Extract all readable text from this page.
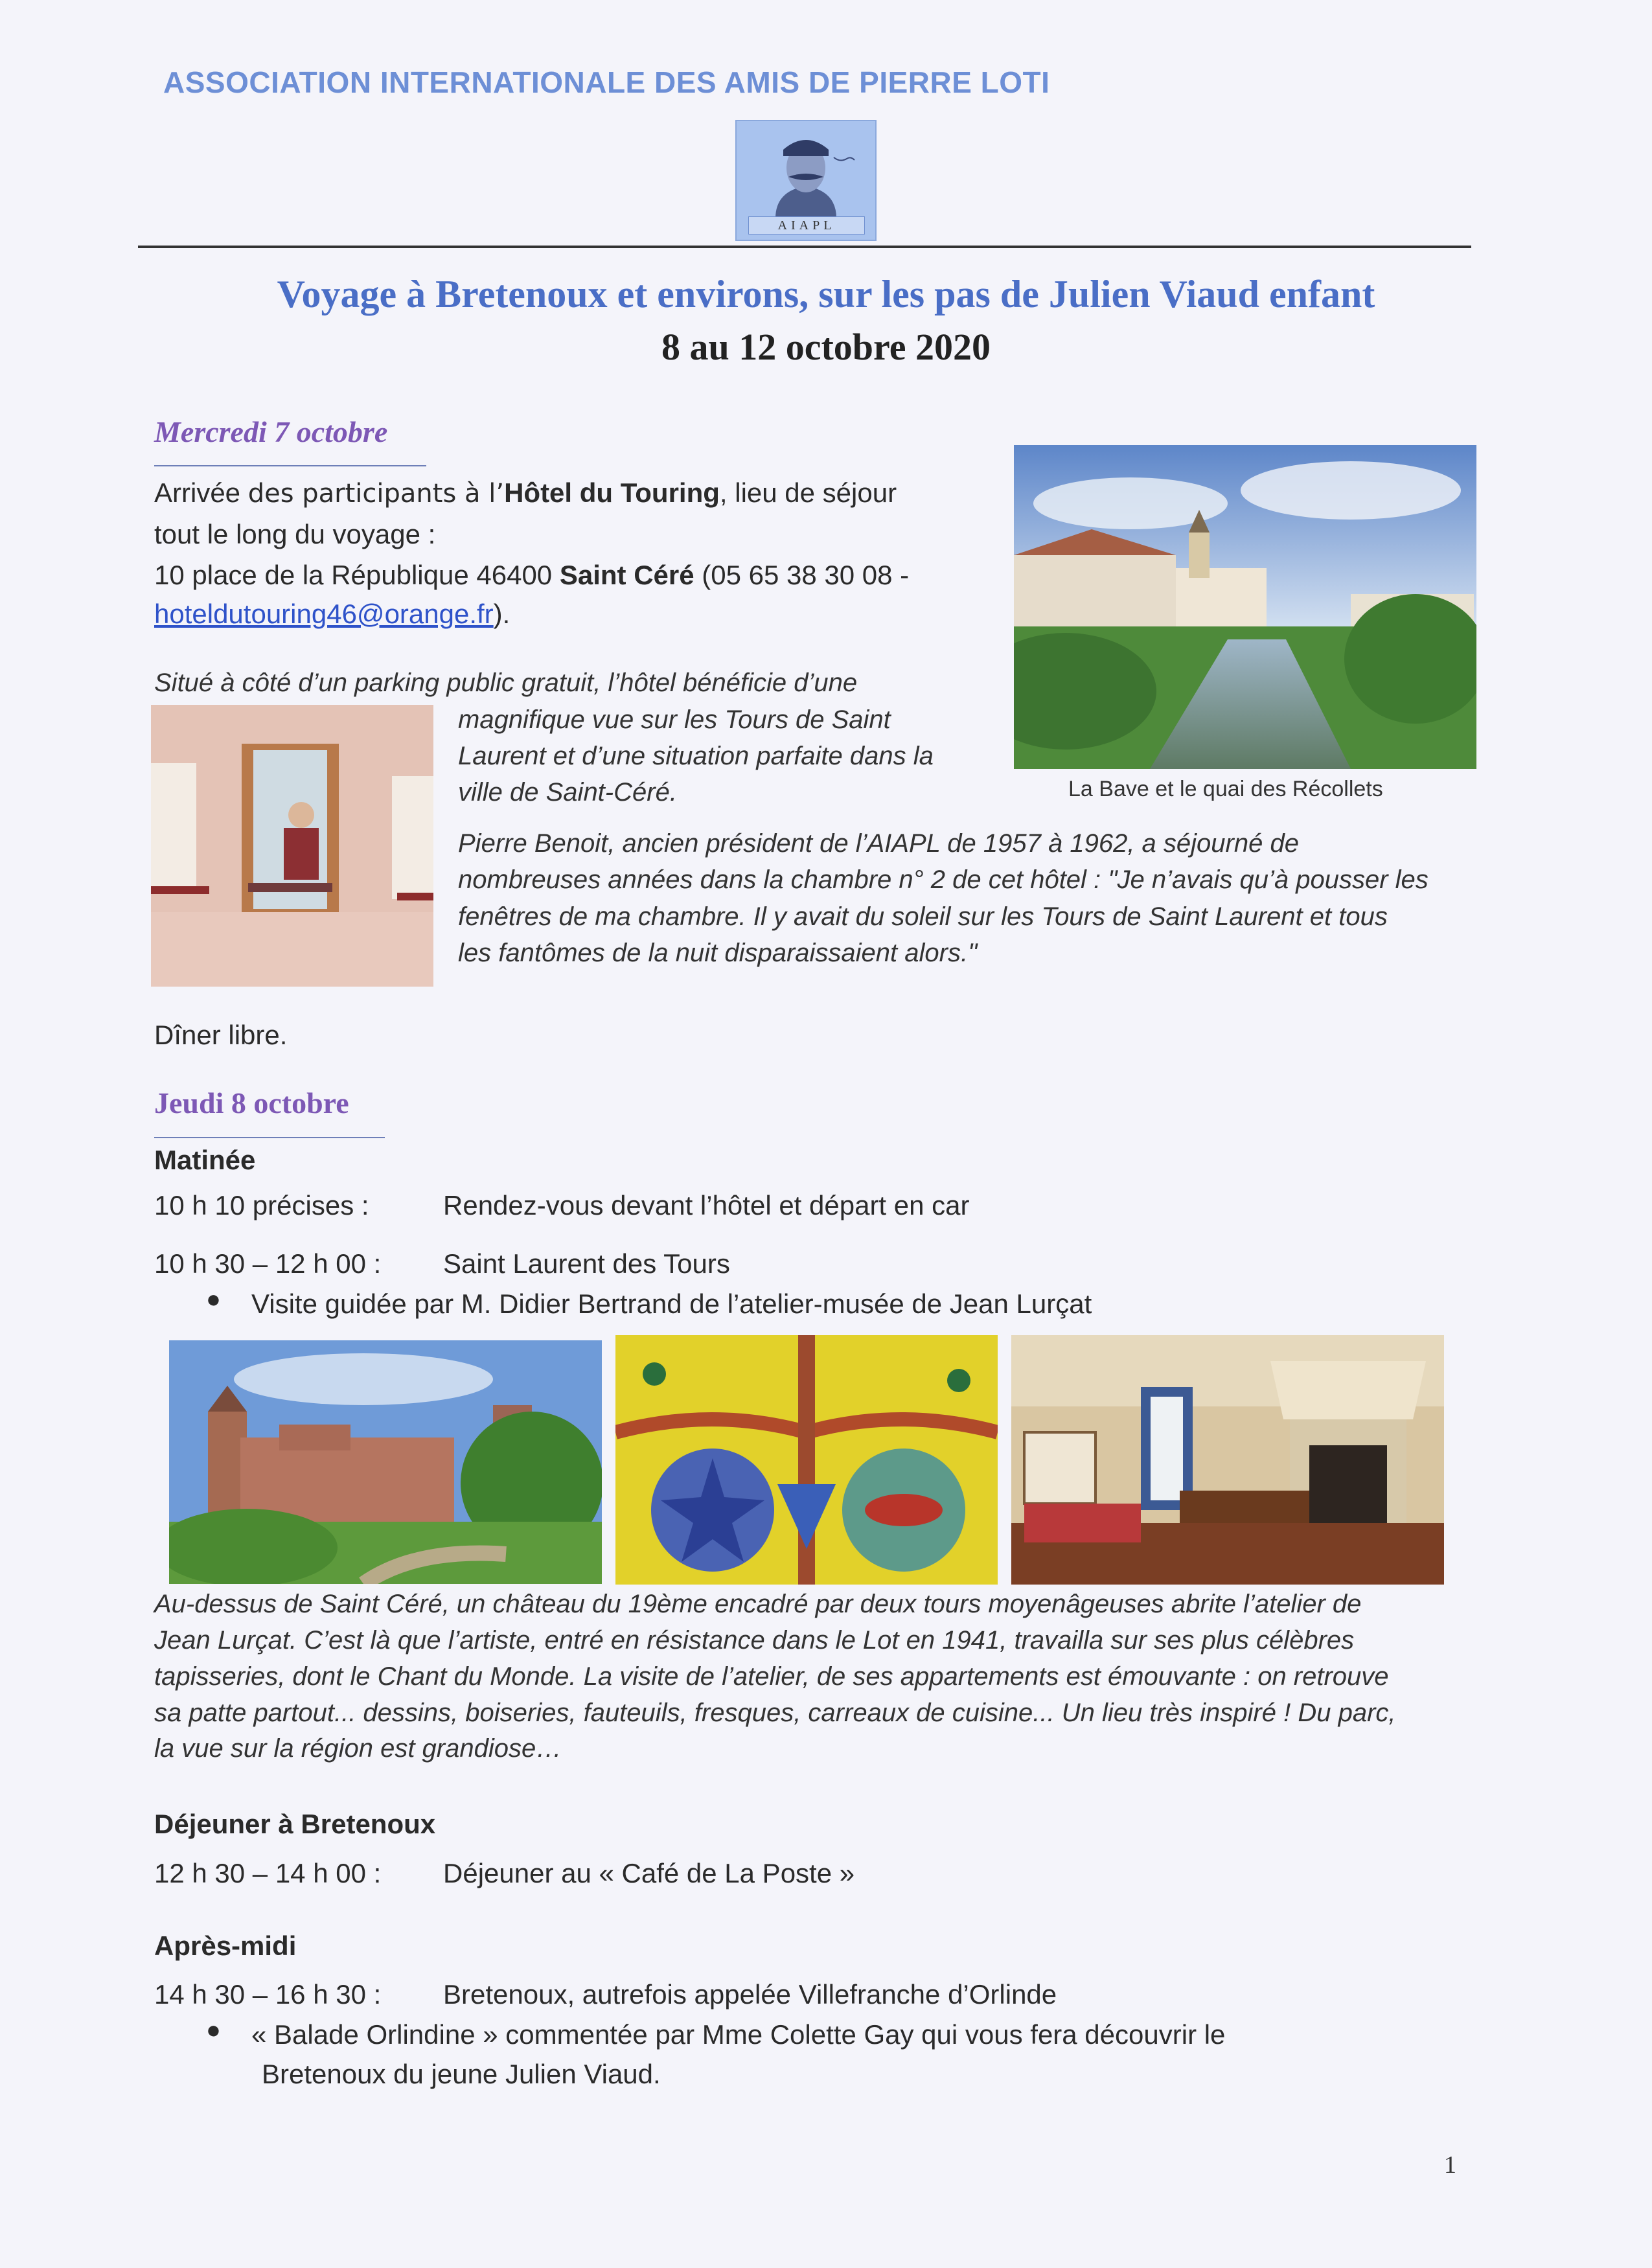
ASSOCIATION INTERNATIONALE DES AMIS DE PIERRE LOTI
AIAPL
Voyage à Bretenoux et environs, sur les pas de Julien Viaud enfant
8 au 12 octobre 2020
Mercredi 7 octobre
Arrivée des participants à l’Hôtel du Touring, lieu de séjour
tout le long du voyage :
10 place de la République 46400 Saint Céré (05 65 38 30 08 -
hoteldutouring46@orange.fr).
La Bave et le quai des Récollets
Situé à côté d’un parking public gratuit, l’hôtel bénéficie d’une
magnifique vue sur les Tours de Saint
Laurent et d’une situation parfaite dans la
ville de Saint-Céré.
Pierre Benoit, ancien président de l’AIAPL de 1957 à 1962, a séjourné de
nombreuses années dans la chambre n° 2 de cet hôtel : "Je n’avais qu’à pousser les
fenêtres de ma chambre. Il y avait du soleil sur les Tours de Saint Laurent et tous
les fantômes de la nuit disparaissaient alors."
Dîner libre.
Jeudi 8 octobre
Matinée
10 h 10 précises :	Rendez-vous devant l’hôtel et départ en car
10 h 30 – 12 h 00 : Saint Laurent des Tours
● Visite guidée par M. Didier Bertrand de l’atelier-musée de Jean Lurçat
Au-dessus de Saint Céré, un château du 19ème encadré par deux tours moyenâgeuses abrite l’atelier de
Jean Lurçat. C’est là que l’artiste, entré en résistance dans le Lot en 1941, travailla sur ses plus célèbres
tapisseries, dont le Chant du Monde. La visite de l’atelier, de ses appartements est émouvante : on retrouve
sa patte partout... dessins, boiseries, fauteuils, fresques, carreaux de cuisine... Un lieu très inspiré ! Du parc,
la vue sur la région est grandiose…
Déjeuner à Bretenoux
12 h 30 – 14 h 00 : Déjeuner au « Café de La Poste »
Après-midi
14 h 30 – 16 h 30 : Bretenoux, autrefois appelée Villefranche d’Orlinde
● « Balade Orlindine » commentée par Mme Colette Gay qui vous fera découvrir le
Bretenoux du jeune Julien Viaud.
1
